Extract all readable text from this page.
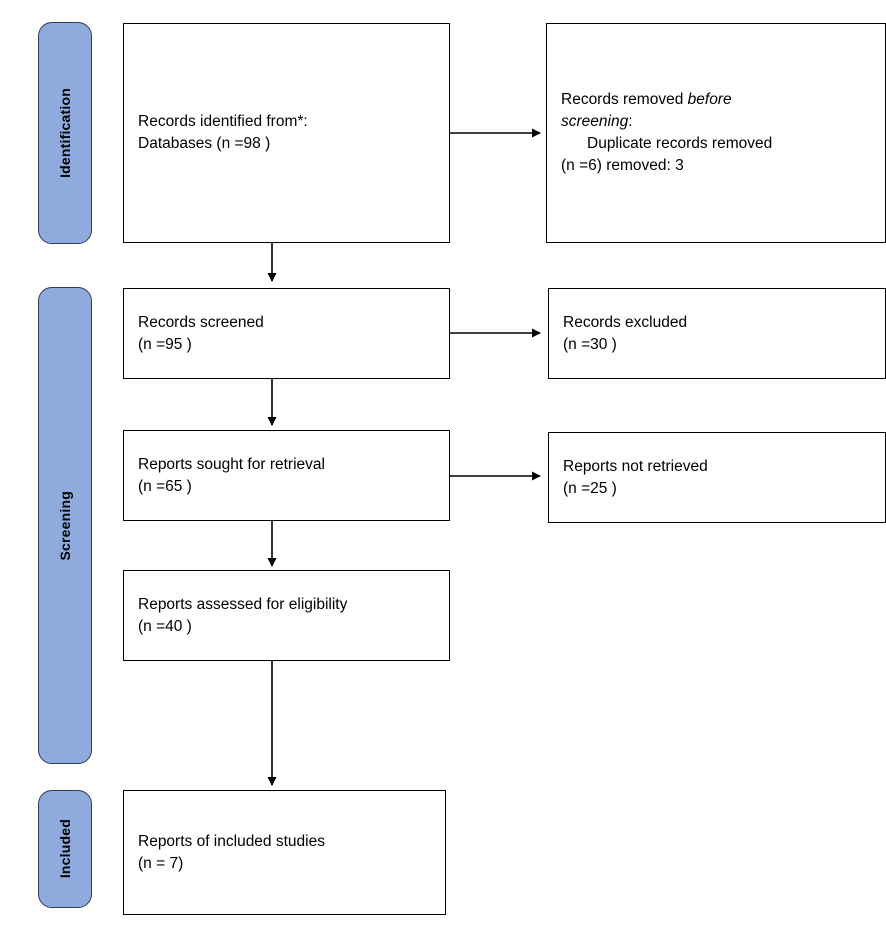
Identification
Screening
Included
Records identified from*:
Databases (n =98 )
Records removed before
screening:
Duplicate records removed
(n =6) removed: 3
Records screened
(n =95 )
Records excluded
(n =30 )
Reports sought for retrieval
(n =65 )
Reports not retrieved
(n =25 )
Reports assessed for eligibility
(n =40 )
Reports of included studies
(n = 7)
